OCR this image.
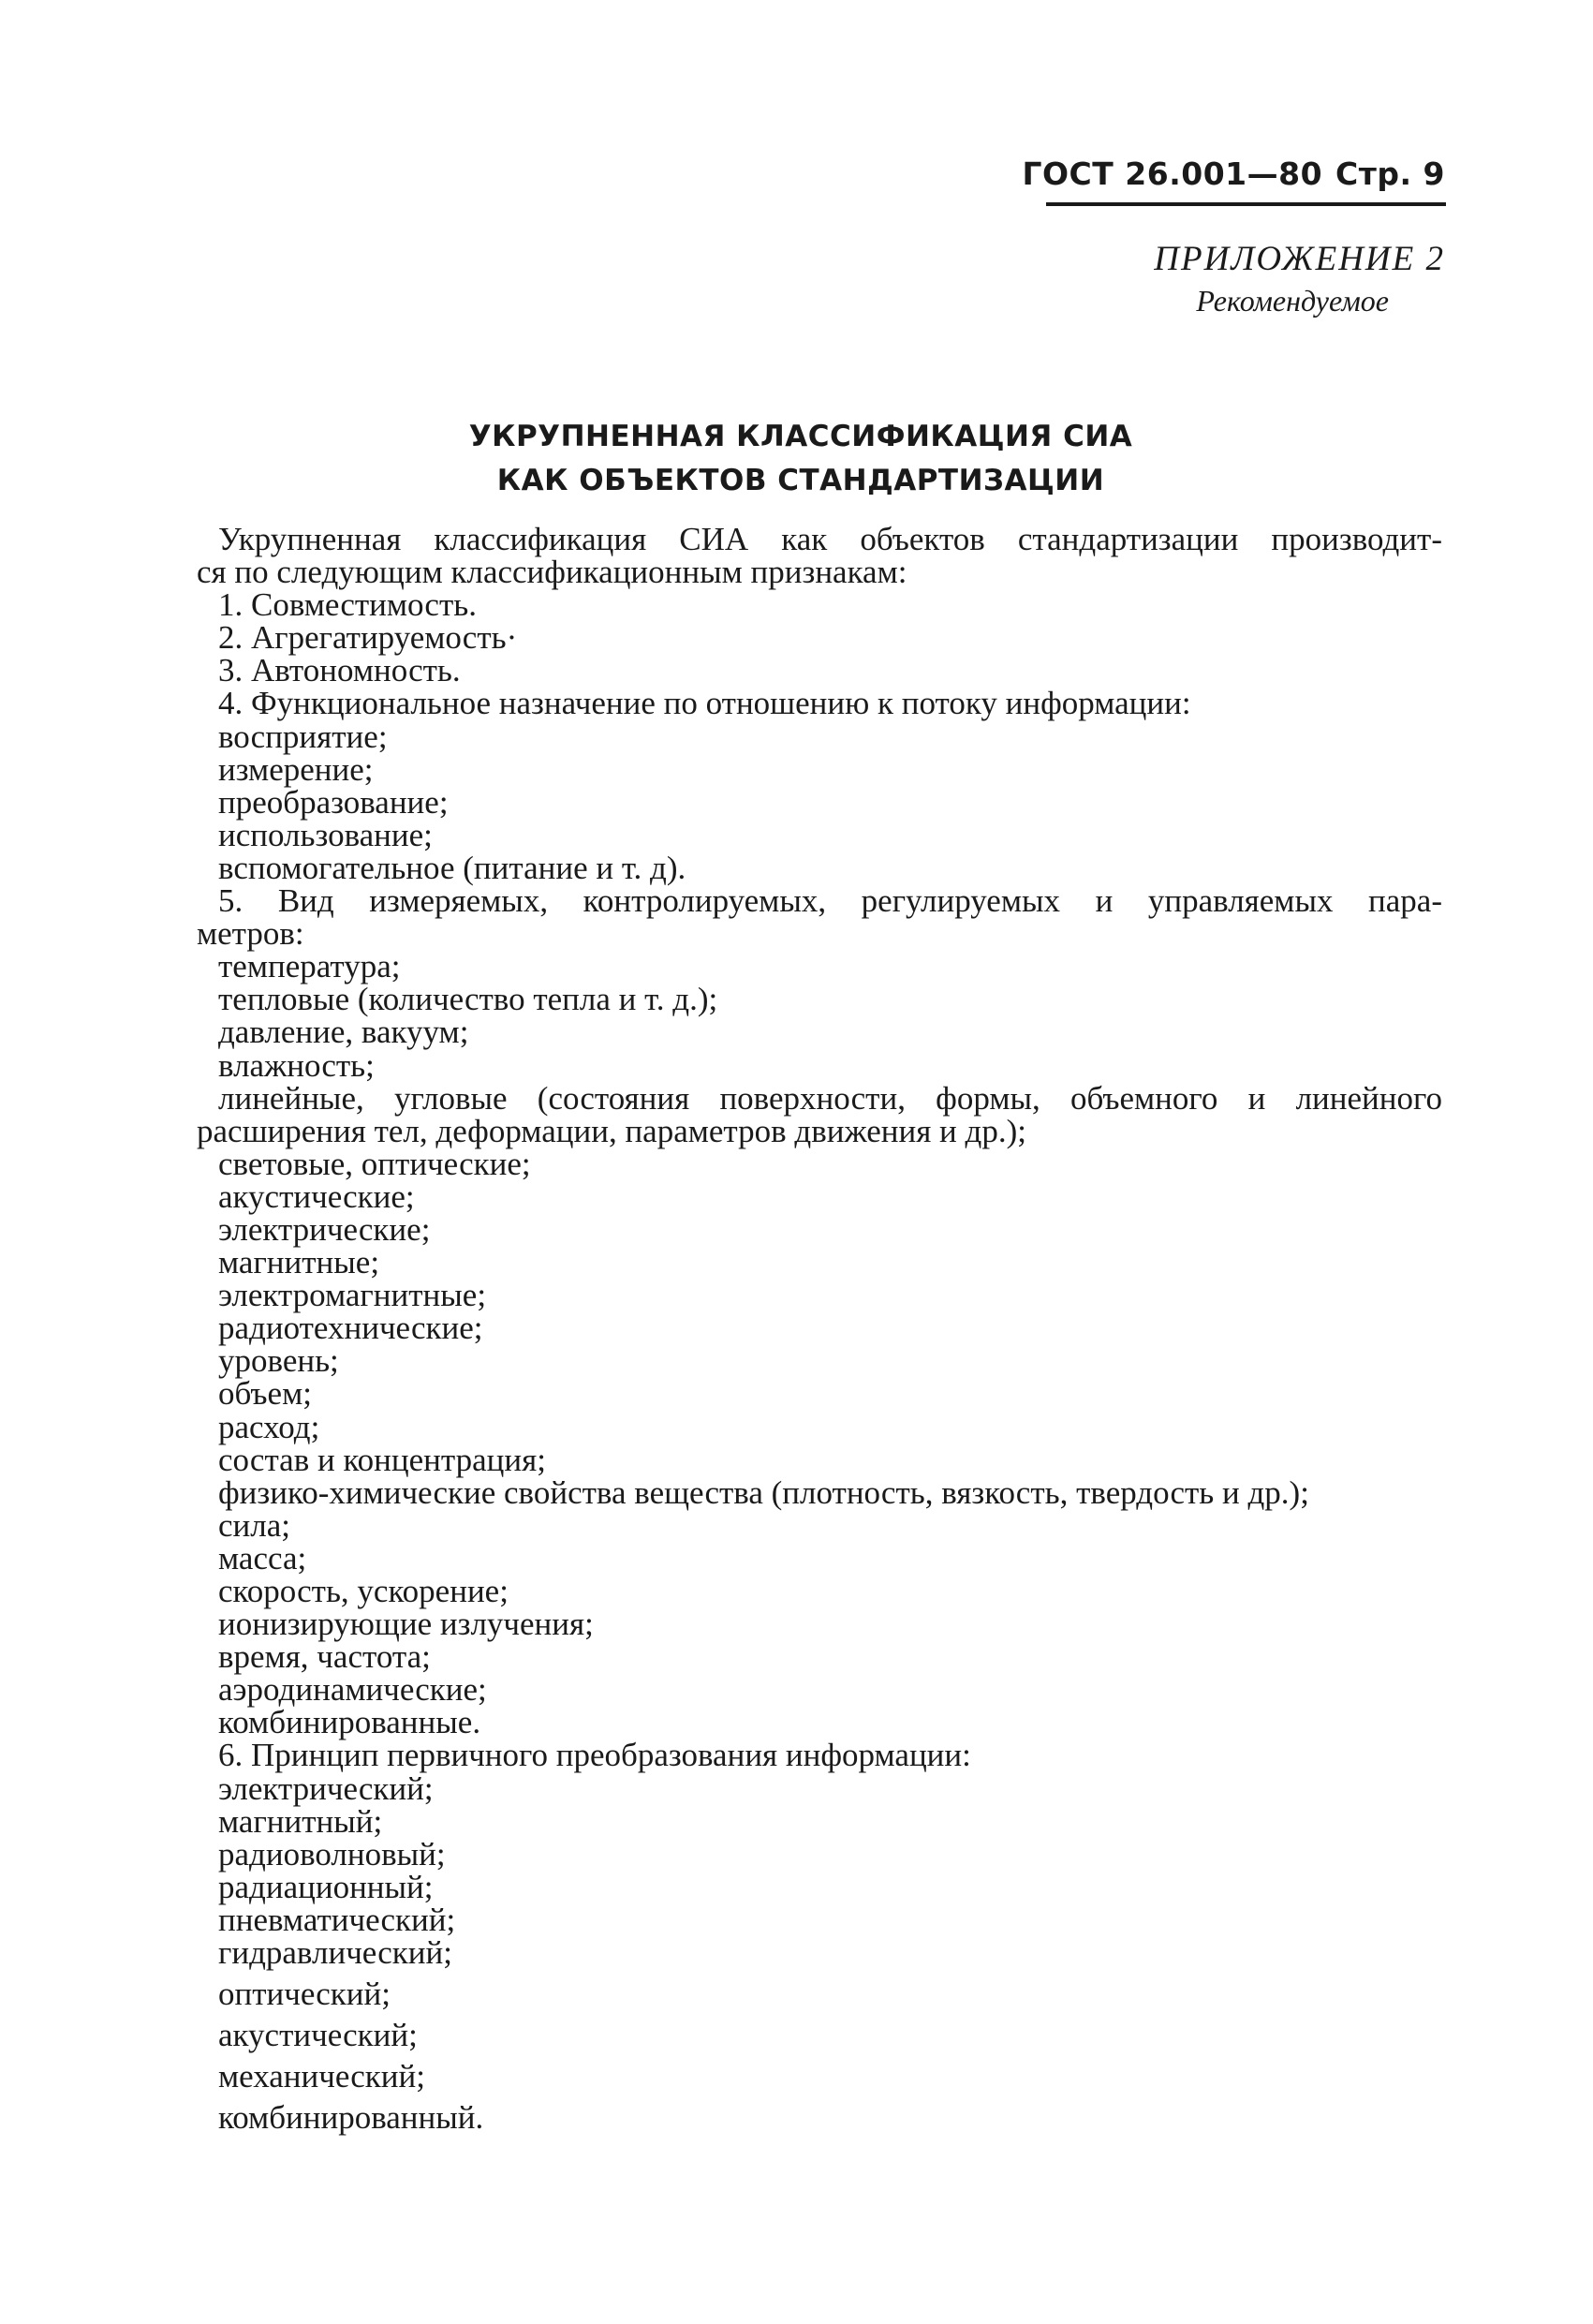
ГОСТ 26.001—80 Стр. 9
ПРИЛОЖЕНИЕ 2
Рекомендуемое
УКРУПНЕННАЯ КЛАССИФИКАЦИЯ СИА
КАК ОБЪЕКТОВ СТАНДАРТИЗАЦИИ
Укрупненная классификация СИА как объектов стандартизации производит-
ся по следующим классификационным признакам:
1. Совместимость.
2. Агрегатируемость·
3. Автономность.
4. Функциональное назначение по отношению к потоку информации:
восприятие;
измерение;
преобразование;
использование;
вспомогательное (питание и т. д).
5. Вид измеряемых, контролируемых, регулируемых и управляемых пара-
метров:
температура;
тепловые (количество тепла и т. д.);
давление, вакуум;
влажность;
линейные, угловые (состояния поверхности, формы, объемного и линейного
расширения тел, деформации, параметров движения и др.);
световые, оптические;
акустические;
электрические;
магнитные;
электромагнитные;
радиотехнические;
уровень;
объем;
расход;
состав и концентрация;
физико-химические свойства вещества (плотность, вязкость, твердость и др.);
сила;
масса;
скорость, ускорение;
ионизирующие излучения;
время, частота;
аэродинамические;
комбинированные.
6. Принцип первичного преобразования информации:
электрический;
магнитный;
радиоволновый;
радиационный;
пневматический;
гидравлический;
оптический;
акустический;
механический;
комбинированный.
